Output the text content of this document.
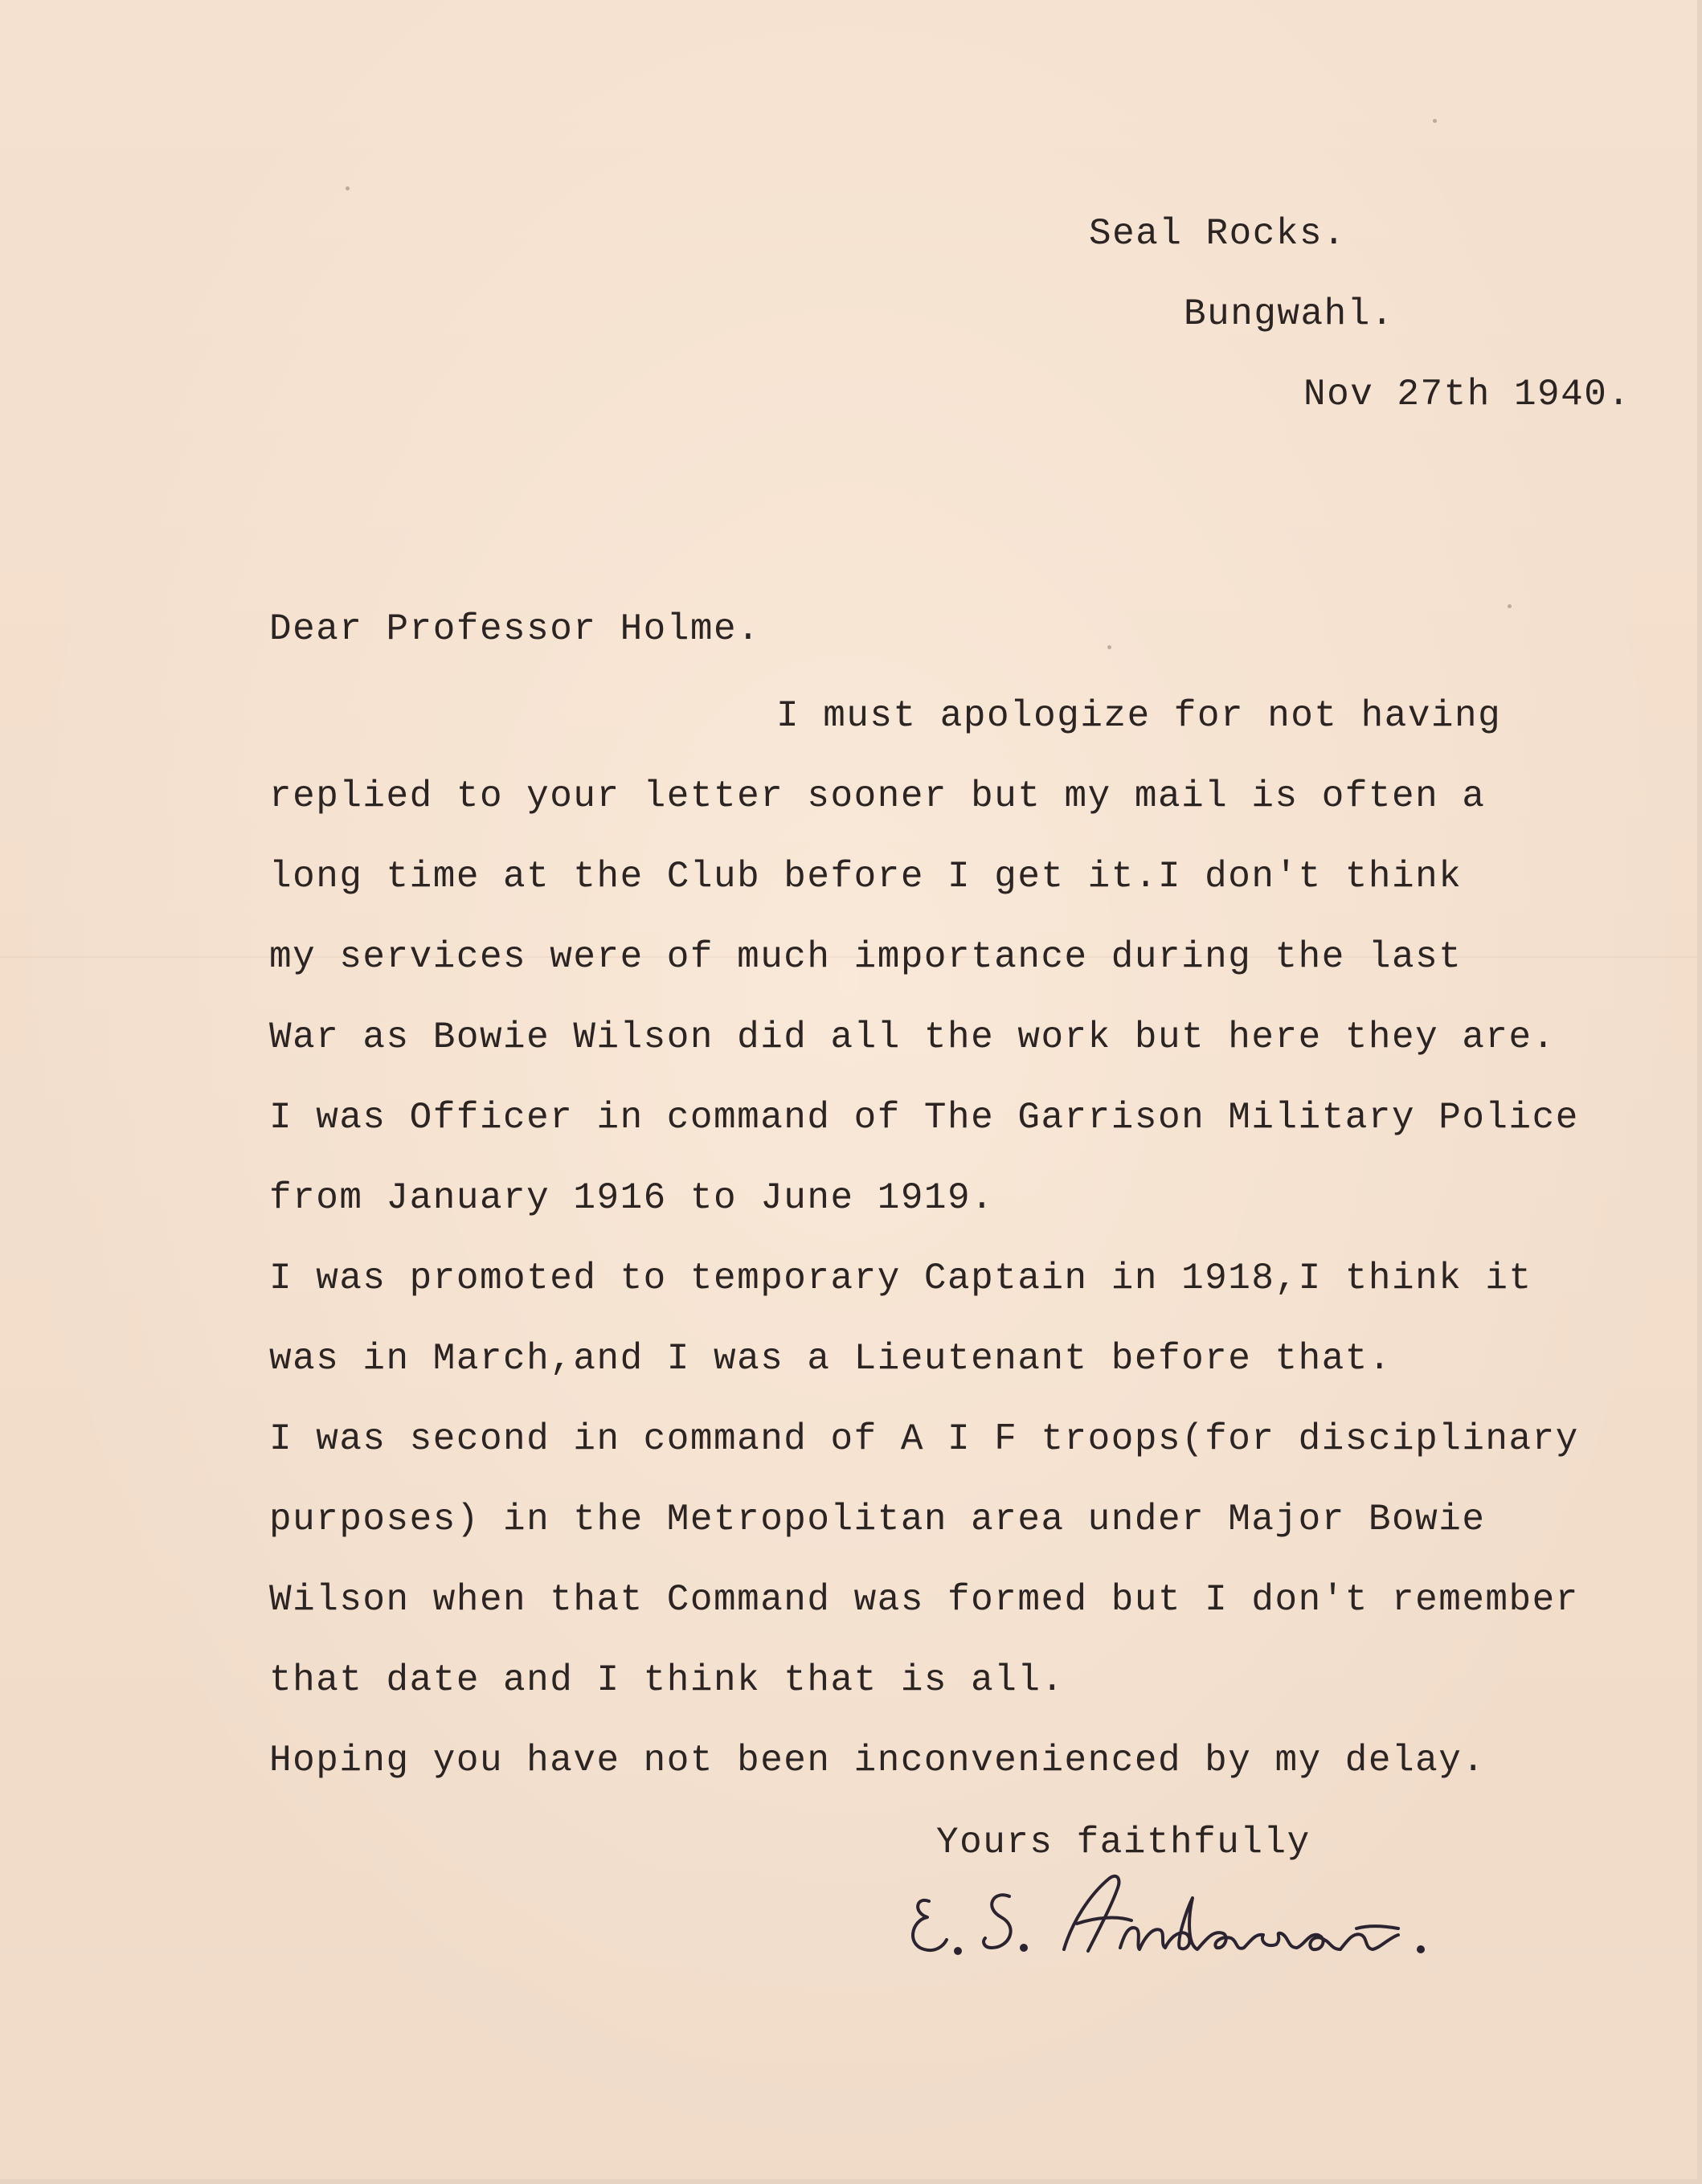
Seal Rocks.

Bungwahl.

Nov 27th 1940.

Dear Professor Holme.

I must apologize for not having

replied to your letter sooner but my mail is often a

long time at the Club before I get it.I don't think

my services were of much importance during the last

War as Bowie Wilson did all the work but here they are.

I was Officer in command of The Garrison Military Police

from January 1916 to June 1919.

I was promoted to temporary Captain in 1918,I think it

was in March,and I was a Lieutenant before that.

I was second in command of A I F troops(for disciplinary

purposes) in the Metropolitan area under Major Bowie

Wilson when that Command was formed but I don't remember

that date and I think that is all.

Hoping you have not been inconvenienced by my delay.

Yours faithfully
